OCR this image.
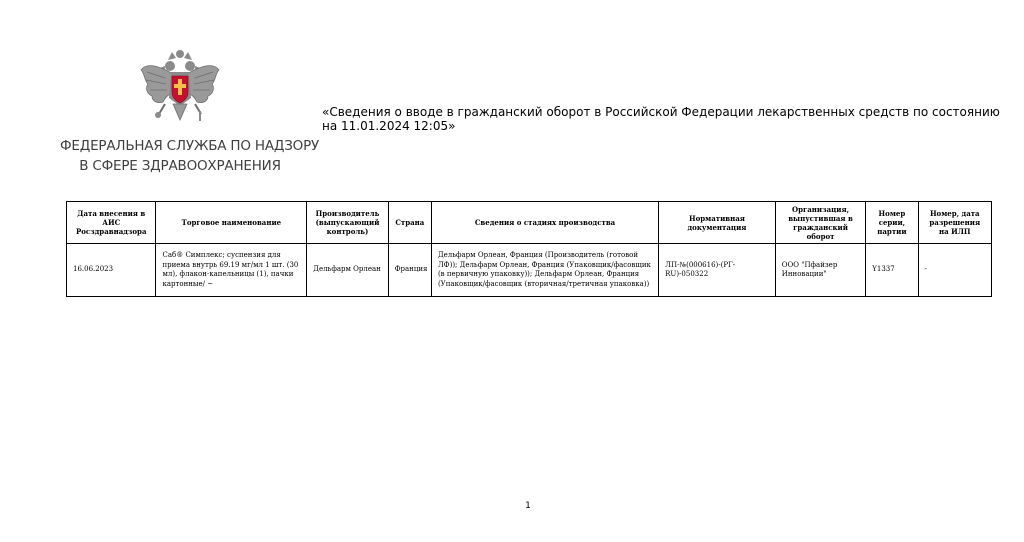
ФЕДЕРАЛЬНАЯ СЛУЖБА ПО НАДЗОРУ
В СФЕРЕ ЗДРАВООХРАНЕНИЯ
«Сведения о вводе в гражданский оборот в Российской Федерации лекарственных средств по состоянию на 11.01.2024 12:05»
Дата внесения в АИС Росздравнадзора	Торговое наименование	Производитель (выпускающий контроль)	Страна	Сведения о стадиях производства	Нормативная документация	Организация, выпустившая в гражданский оборот	Номер серии, партии	Номер, дата разрешения на ИЛП
16.06.2023	Саб® Симплекс; суспензия для приема внутрь 69.19 мг/мл 1 шт. (30 мл), флакон-капельницы (1), пачки картонные/ ~	Дельфарм Орлеан	Франция	Дельфарм Орлеан, Франция (Производитель (готовой ЛФ)); Дельфарм Орлеан, Франция (Упаковщик/фасовщик (в первичную упаковку)); Дельфарм Орлеан, Франция (Упаковщик/фасовщик (вторичная/третичная упаковка))	ЛП-№(000616)-(РГ-RU)-050322	ООО "Пфайзер Инновации"	Y1337	-
1
